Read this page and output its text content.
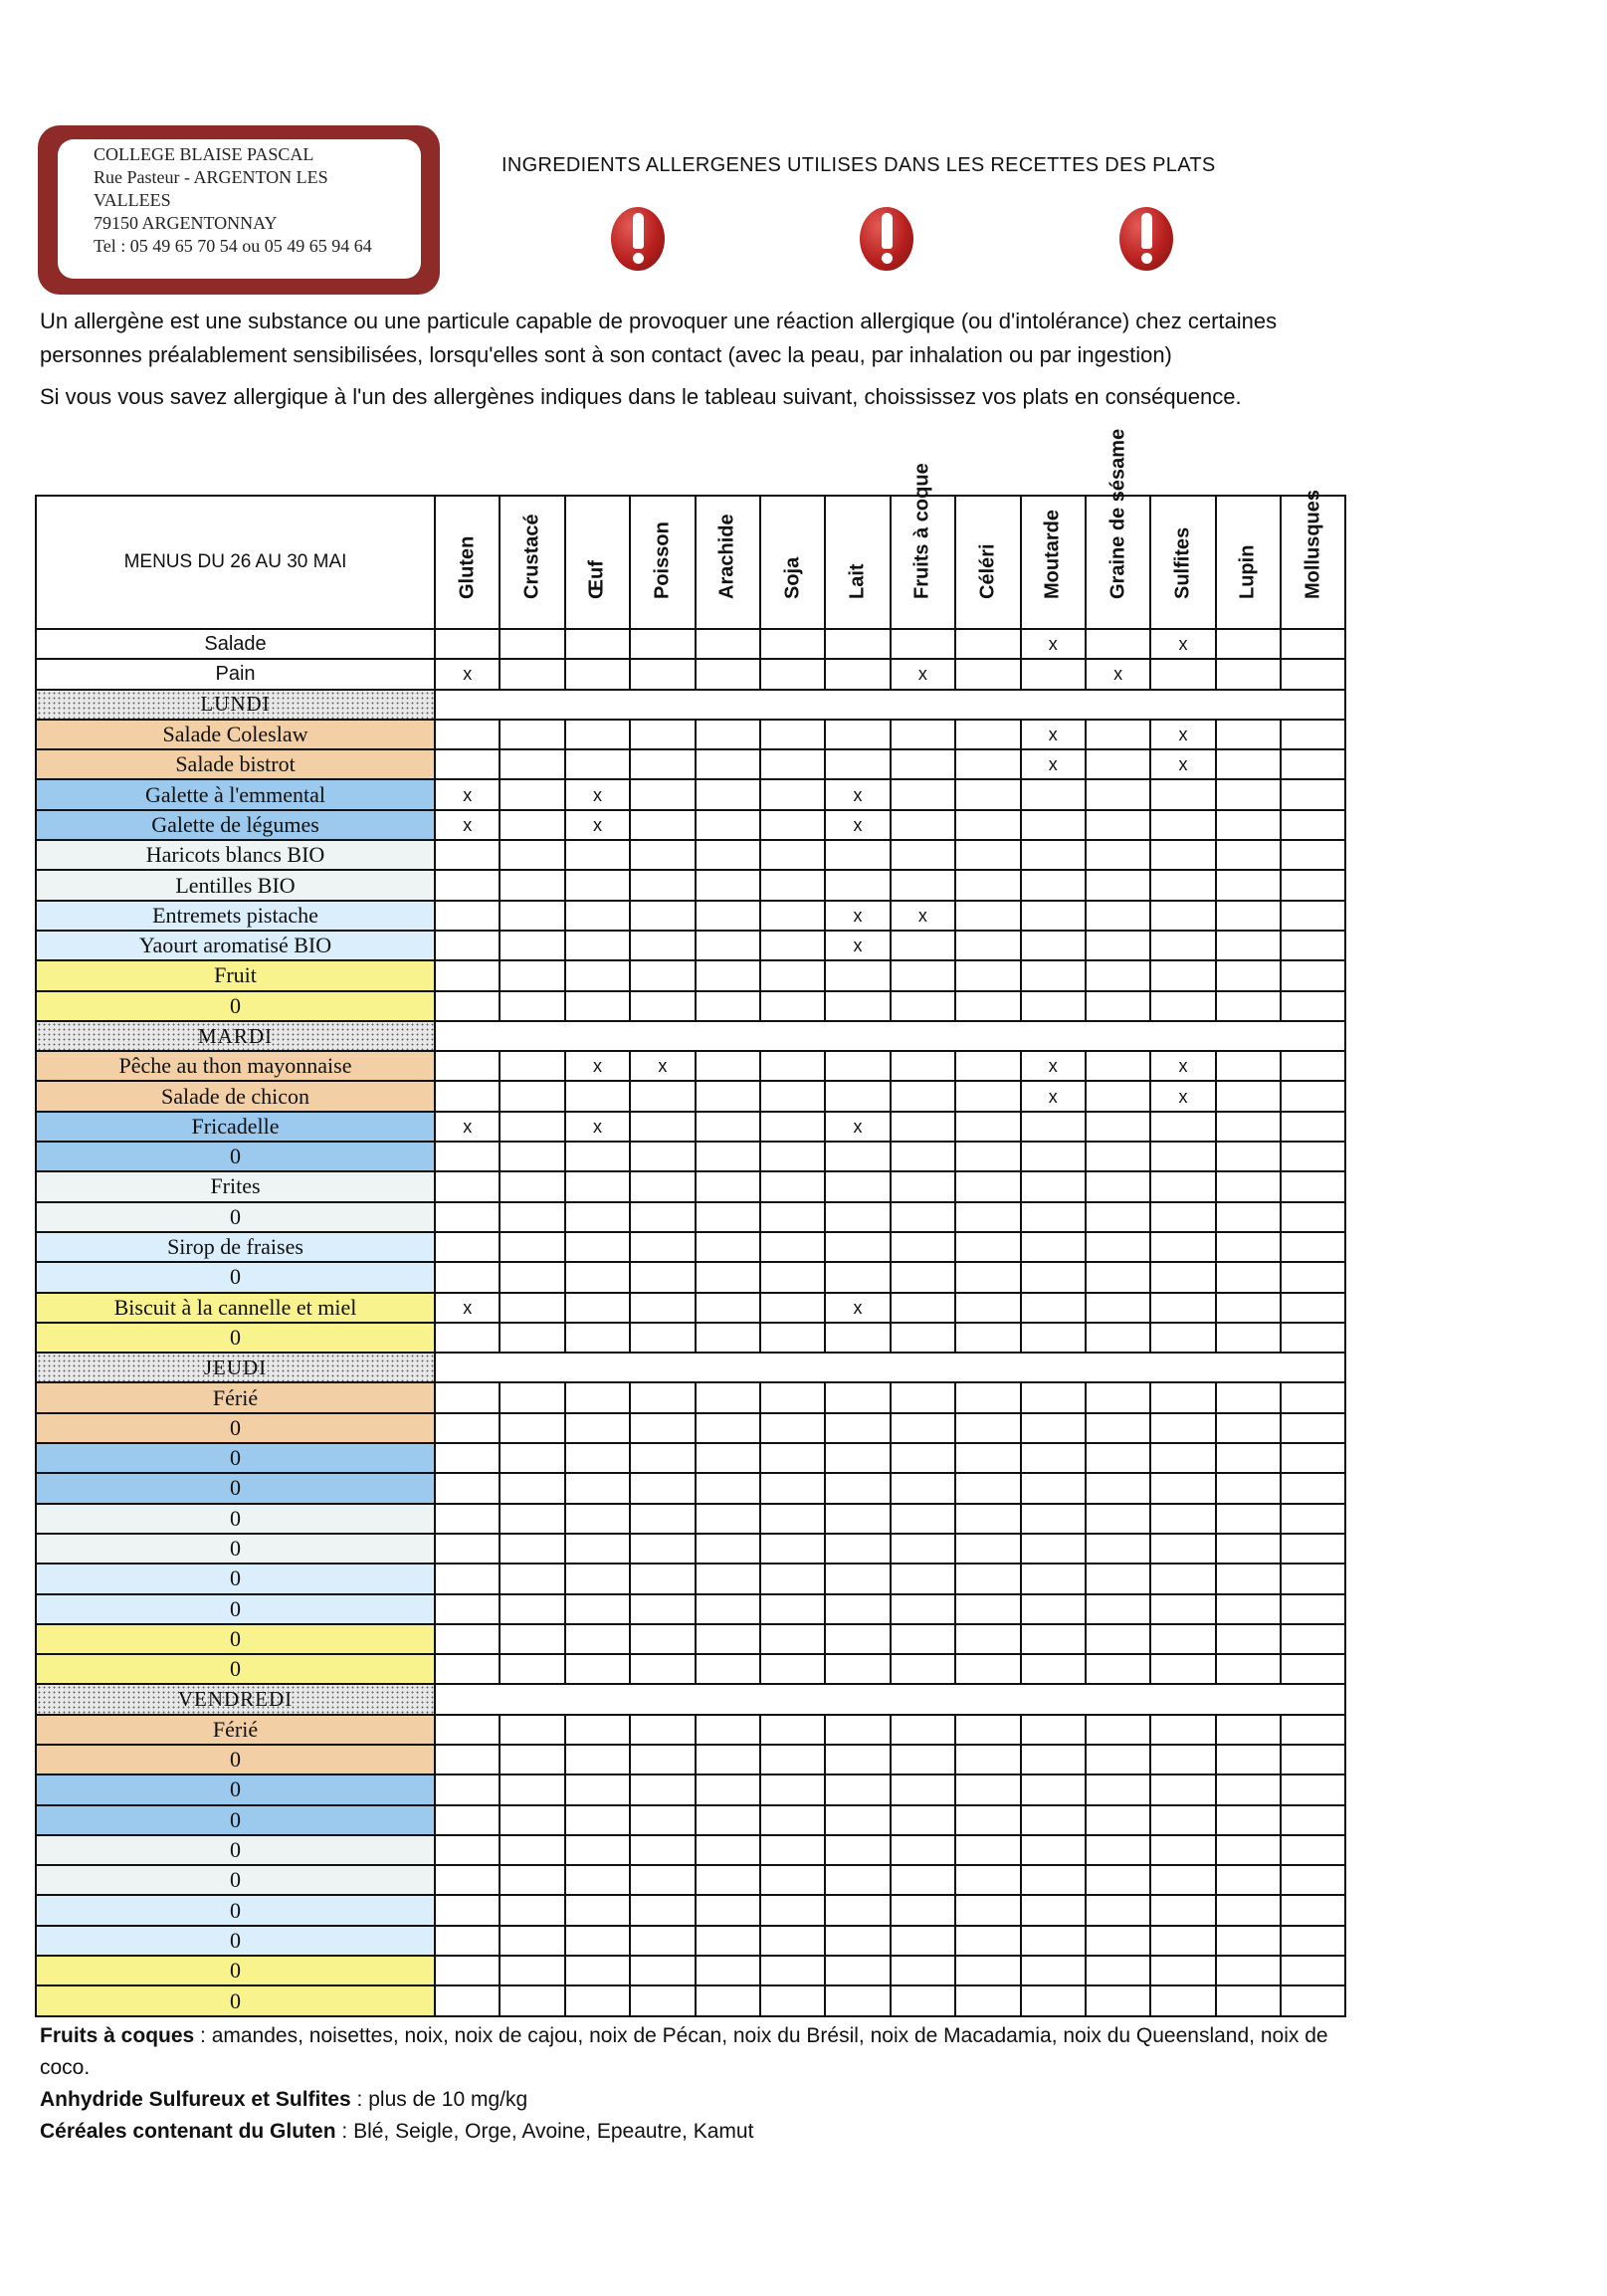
COLLEGE BLAISE PASCAL
Rue Pasteur - ARGENTON LES
VALLEES
79150 ARGENTONNAY
Tel : 05 49 65 70 54 ou 05 49 65 94 64
INGREDIENTS ALLERGENES UTILISES DANS LES RECETTES DES PLATS

Un allergène est une substance ou une particule capable de provoquer une réaction allergique (ou d'intolérance) chez certaines personnes préalablement sensibilisées, lorsqu'elles sont à son contact (avec la peau, par inhalation ou par ingestion)

Si vous vous savez allergique à l'un des allergènes indiques dans le tableau suivant, choississez vos plats en conséquence.

MENUS DU 26 AU 30 MAI	Gluten	Crustacé	Œuf	Poisson	Arachide	Soja	Lait	Fruits à coque	Céléri	Moutarde	Graine de sésame	Sulfites	Lupin	Mollusques

Salade										x		x		
Pain	x							x			x			
LUNDI														
Salade Coleslaw										x		x		
Salade bistrot										x		x		
Galette à l'emmental	x		x				x							
Galette de légumes	x		x				x							
Haricots blancs BIO														
Lentilles BIO														
Entremets pistache							x	x						
Yaourt aromatisé BIO							x							
Fruit														
0														
MARDI														
Pêche au thon mayonnaise			x	x						x		x		
Salade de chicon										x		x		
Fricadelle	x		x				x							
0														
Frites														
0														
Sirop de fraises														
0														
Biscuit à la cannelle et miel	x						x							
0														
JEUDI														
Férié														
0														
0														
0														
0														
0														
0														
0														
0														
0														
VENDREDI														
Férié														
0														
0														
0														
0														
0														
0														
0														
0														
0														
Fruits à coques : amandes, noisettes, noix, noix de cajou, noix de Pécan, noix du Brésil, noix de Macadamia, noix du Queensland, noix de coco.
Anhydride Sulfureux et Sulfites : plus de 10 mg/kg
Céréales contenant du Gluten : Blé, Seigle, Orge, Avoine, Epeautre, Kamut
